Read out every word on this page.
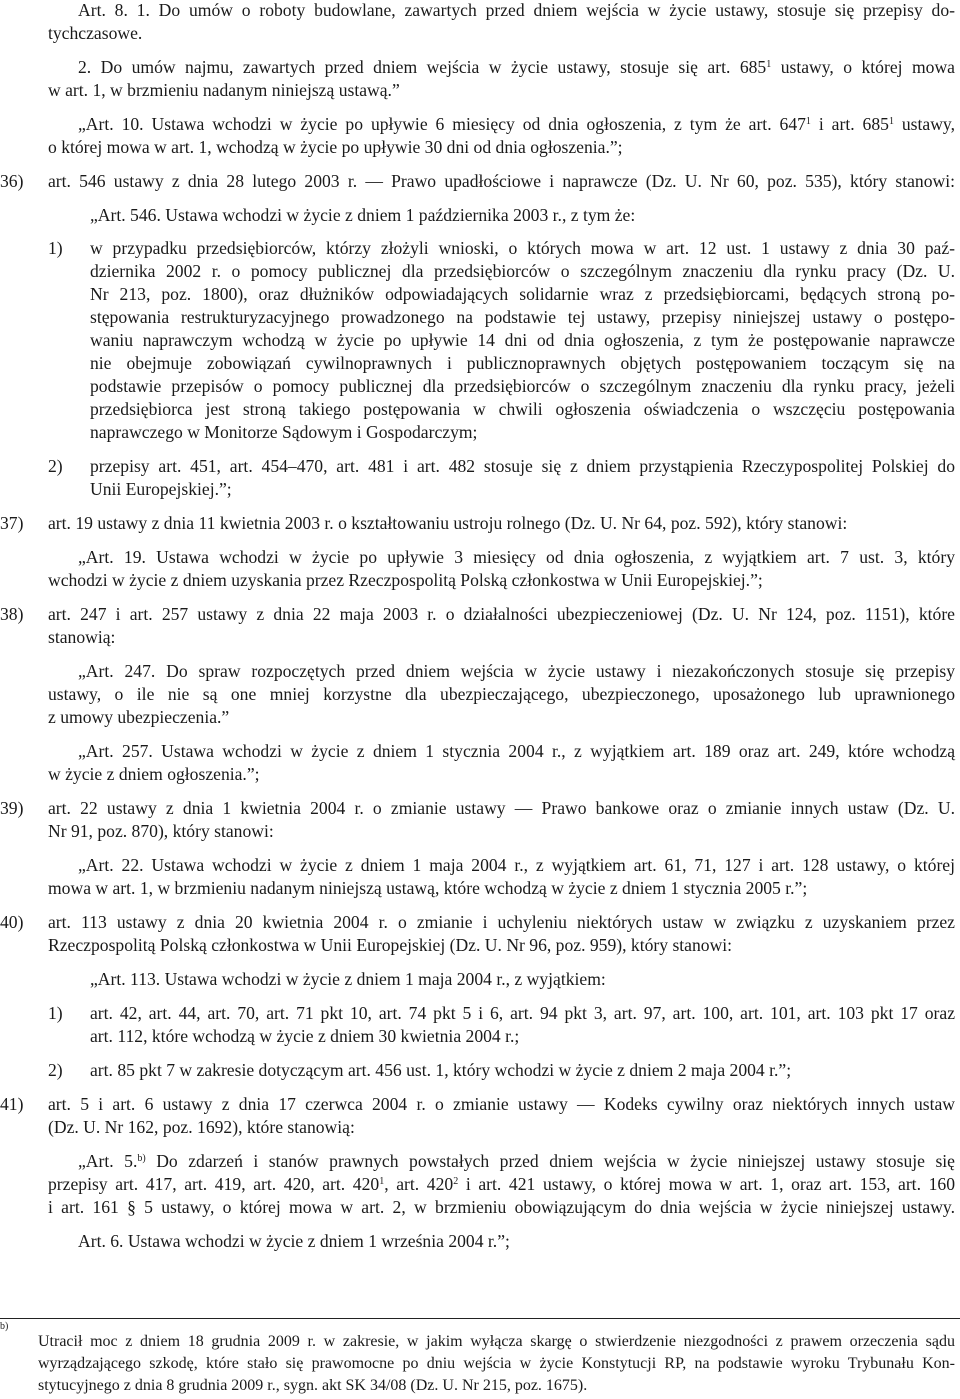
Art. 8. 1. Do umów o roboty budowlane, zawartych przed dniem wejścia w życie ustawy, stosuje się przepisy do-
tychczasowe.
2. Do umów najmu, zawartych przed dniem wejścia w życie ustawy, stosuje się art. $685^1$ ustawy, o której mowa
w art. 1, w brzmieniu nadanym niniejszą ustawą.”
„Art. 10. Ustawa wchodzi w życie po upływie 6 miesięcy od dnia ogłoszenia, z tym że art. $647^1$ i art. $685^1$ ustawy,
o której mowa w art. 1, wchodzą w życie po upływie 30 dni od dnia ogłoszenia.”;
36) art. 546 ustawy z dnia 28 lutego 2003 r. — Prawo upadłościowe i naprawcze (Dz. U. Nr 60, poz. 535), który stanowi:
„Art. 546. Ustawa wchodzi w życie z dniem 1 października 2003 r., z tym że:
1) w przypadku przedsiębiorców, którzy złożyli wnioski, o których mowa w art. 12 ust. 1 ustawy z dnia 30 paź-
dziernika 2002 r. o pomocy publicznej dla przedsiębiorców o szczególnym znaczeniu dla rynku pracy (Dz. U.
Nr 213, poz. 1800), oraz dłużników odpowiadających solidarnie wraz z przedsiębiorcami, będących stroną po-
stępowania restrukturyzacyjnego prowadzonego na podstawie tej ustawy, przepisy niniejszej ustawy o postępo-
waniu naprawczym wchodzą w życie po upływie 14 dni od dnia ogłoszenia, z tym że postępowanie naprawcze
nie obejmuje zobowiązań cywilnoprawnych i publicznoprawnych objętych postępowaniem toczącym się na
podstawie przepisów o pomocy publicznej dla przedsiębiorców o szczególnym znaczeniu dla rynku pracy, jeżeli
przedsiębiorca jest stroną takiego postępowania w chwili ogłoszenia oświadczenia o wszczęciu postępowania
naprawczego w Monitorze Sądowym i Gospodarczym;
2) przepisy art. 451, art. 454–470, art. 481 i art. 482 stosuje się z dniem przystąpienia Rzeczypospolitej Polskiej do
Unii Europejskiej.”;
37) art. 19 ustawy z dnia 11 kwietnia 2003 r. o kształtowaniu ustroju rolnego (Dz. U. Nr 64, poz. 592), który stanowi:
„Art. 19. Ustawa wchodzi w życie po upływie 3 miesięcy od dnia ogłoszenia, z wyjątkiem art. 7 ust. 3, który
wchodzi w życie z dniem uzyskania przez Rzeczpospolitą Polską członkostwa w Unii Europejskiej.”;
38) art. 247 i art. 257 ustawy z dnia 22 maja 2003 r. o działalności ubezpieczeniowej (Dz. U. Nr 124, poz. 1151), które
stanowią:
„Art. 247. Do spraw rozpoczętych przed dniem wejścia w życie ustawy i niezakończonych stosuje się przepisy
ustawy, o ile nie są one mniej korzystne dla ubezpieczającego, ubezpieczonego, uposażonego lub uprawnionego
z umowy ubezpieczenia.”
„Art. 257. Ustawa wchodzi w życie z dniem 1 stycznia 2004 r., z wyjątkiem art. 189 oraz art. 249, które wchodzą
w życie z dniem ogłoszenia.”;
39) art. 22 ustawy z dnia 1 kwietnia 2004 r. o zmianie ustawy — Prawo bankowe oraz o zmianie innych ustaw (Dz. U.
Nr 91, poz. 870), który stanowi:
„Art. 22. Ustawa wchodzi w życie z dniem 1 maja 2004 r., z wyjątkiem art. 61, 71, 127 i art. 128 ustawy, o której
mowa w art. 1, w brzmieniu nadanym niniejszą ustawą, które wchodzą w życie z dniem 1 stycznia 2005 r.”;
40) art. 113 ustawy z dnia 20 kwietnia 2004 r. o zmianie i uchyleniu niektórych ustaw w związku z uzyskaniem przez
Rzeczpospolitą Polską członkostwa w Unii Europejskiej (Dz. U. Nr 96, poz. 959), który stanowi:
„Art. 113. Ustawa wchodzi w życie z dniem 1 maja 2004 r., z wyjątkiem:
1) art. 42, art. 44, art. 70, art. 71 pkt 10, art. 74 pkt 5 i 6, art. 94 pkt 3, art. 97, art. 100, art. 101, art. 103 pkt 17 oraz
art. 112, które wchodzą w życie z dniem 30 kwietnia 2004 r.;
2) art. 85 pkt 7 w zakresie dotyczącym art. 456 ust. 1, który wchodzi w życie z dniem 2 maja 2004 r.”;
41) art. 5 i art. 6 ustawy z dnia 17 czerwca 2004 r. o zmianie ustawy — Kodeks cywilny oraz niektórych innych ustaw
(Dz. U. Nr 162, poz. 1692), które stanowią:
„Art. 5.$^{b)}$ Do zdarzeń i stanów prawnych powstałych przed dniem wejścia w życie niniejszej ustawy stosuje się
przepisy art. 417, art. 419, art. 420, art. $420^1$, art. $420^2$ i art. 421 ustawy, o której mowa w art. 1, oraz art. 153, art. 160
i art. 161 § 5 ustawy, o której mowa w art. 2, w brzmieniu obowiązującym do dnia wejścia w życie niniejszej ustawy.
Art. 6. Ustawa wchodzi w życie z dniem 1 września 2004 r.”;
b)
Utracił moc z dniem 18 grudnia 2009 r. w zakresie, w jakim wyłącza skargę o stwierdzenie niezgodności z prawem orzeczenia sądu
wyrządzającego szkodę, które stało się prawomocne po dniu wejścia w życie Konstytucji RP, na podstawie wyroku Trybunału Kon-
stytucyjnego z dnia 8 grudnia 2009 r., sygn. akt SK 34/08 (Dz. U. Nr 215, poz. 1675).
